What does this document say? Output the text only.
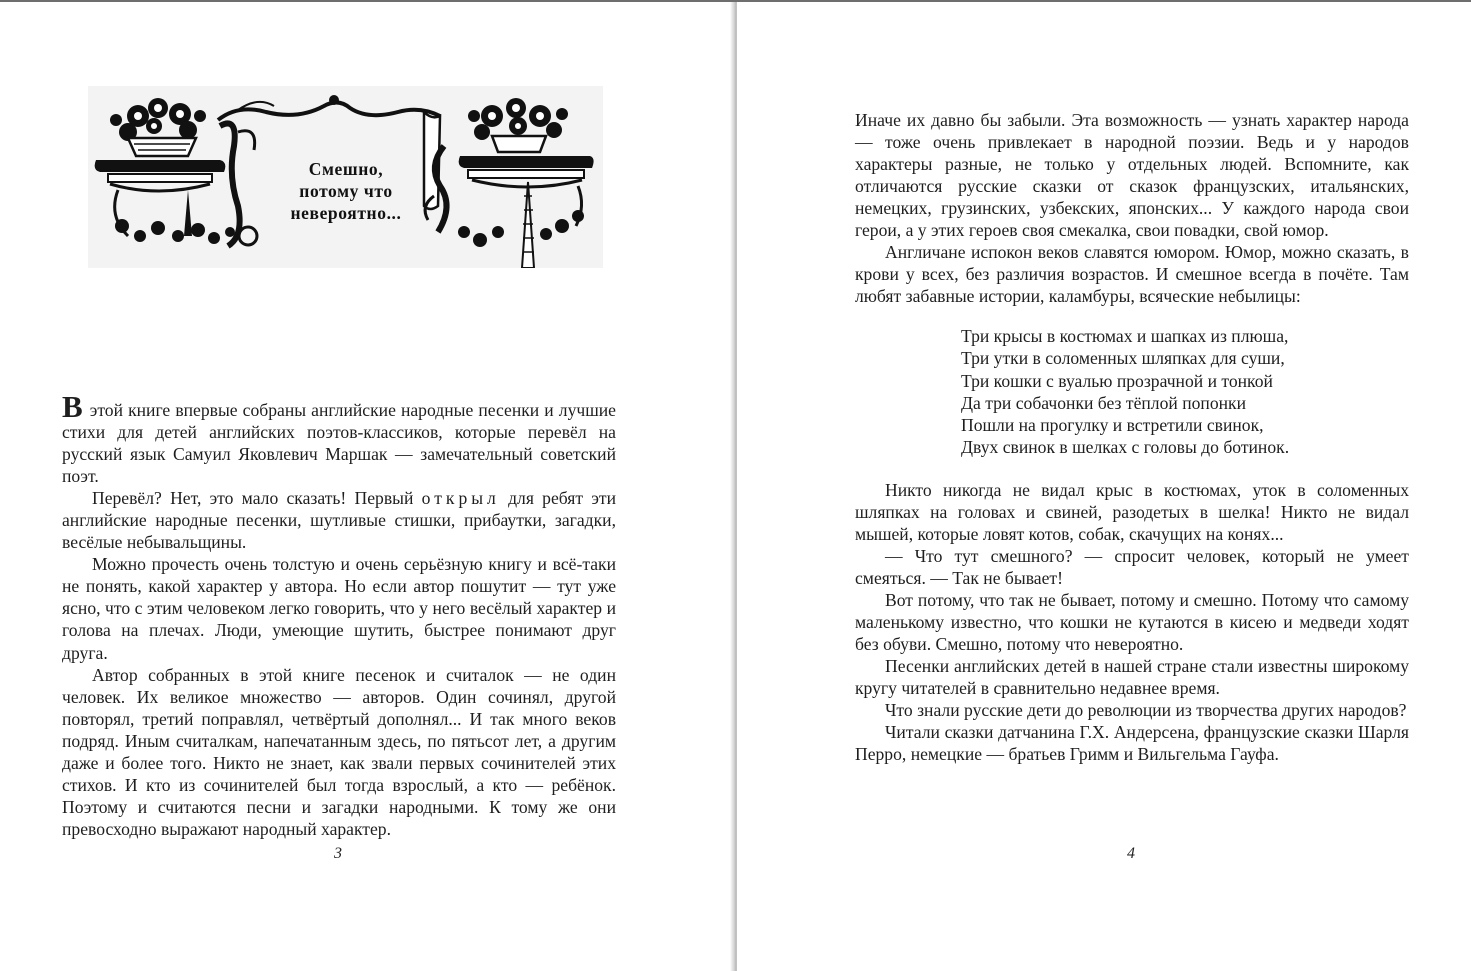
Смешно,
потому что
невероятно...

В этой книге впервые собраны английские народные песенки и лучшие стихи для детей английских поэтов-классиков, которые перевёл на русский язык Самуил Яковлевич Маршак — замечательный советский поэт.

Перевёл? Нет, это мало сказать! Первый открыл для ребят эти английские народные песенки, шутливые стишки, прибаутки, загадки, весёлые небывальщины.

Можно прочесть очень толстую и очень серьёзную книгу и всё-таки не понять, какой характер у автора. Но если автор пошутит — тут уже ясно, что с этим человеком легко говорить, что у него весёлый характер и голова на плечах. Люди, умеющие шутить, быстрее понимают друг друга.

Автор собранных в этой книге песенок и считалок — не один человек. Их великое множество — авторов. Один сочинял, другой повторял, третий поправлял, четвёртый дополнял... И так много веков подряд. Иным считалкам, напечатанным здесь, по пятьсот лет, а другим даже и более того. Никто не знает, как звали первых сочинителей этих стихов. И кто из сочинителей был тогда взрослый, а кто — ребёнок. Поэтому и считаются песни и загадки народными. К тому же они превосходно выражают народный характер.

3

Иначе их давно бы забыли. Эта возможность — узнать характер народа — тоже очень привлекает в народной поэзии. Ведь и у народов характеры разные, не только у отдельных людей. Вспомните, как отличаются русские сказки от сказок французских, итальянских, немецких, грузинских, узбекских, японских... У каждого народа свои герои, а у этих героев своя смекалка, свои повадки, свой юмор.

Англичане испокон веков славятся юмором. Юмор, можно сказать, в крови у всех, без различия возрастов. И смешное всегда в почёте. Там любят забавные истории, каламбуры, всяческие небылицы:

Три крысы в костюмах и шапках из плюша,
Три утки в соломенных шляпках для суши,
Три кошки с вуалью прозрачной и тонкой
Да три собачонки без тёплой попонки
Пошли на прогулку и встретили свинок,
Двух свинок в шелках с головы до ботинок.

Никто никогда не видал крыс в костюмах, уток в соломенных шляпках на головах и свиней, разодетых в шелка! Никто не видал мышей, которые ловят котов, собак, скачущих на конях...

— Что тут смешного? — спросит человек, который не умеет смеяться. — Так не бывает!

Вот потому, что так не бывает, потому и смешно. Потому что самому маленькому известно, что кошки не кутаются в кисею и медведи ходят без обуви. Смешно, потому что невероятно.

Песенки английских детей в нашей стране стали известны широкому кругу читателей в сравнительно недавнее время.

Что знали русские дети до революции из творчества других народов?

Читали сказки датчанина Г.Х. Андерсена, французские сказки Шарля Перро, немецкие — братьев Гримм и Вильгельма Гауфа.

4
